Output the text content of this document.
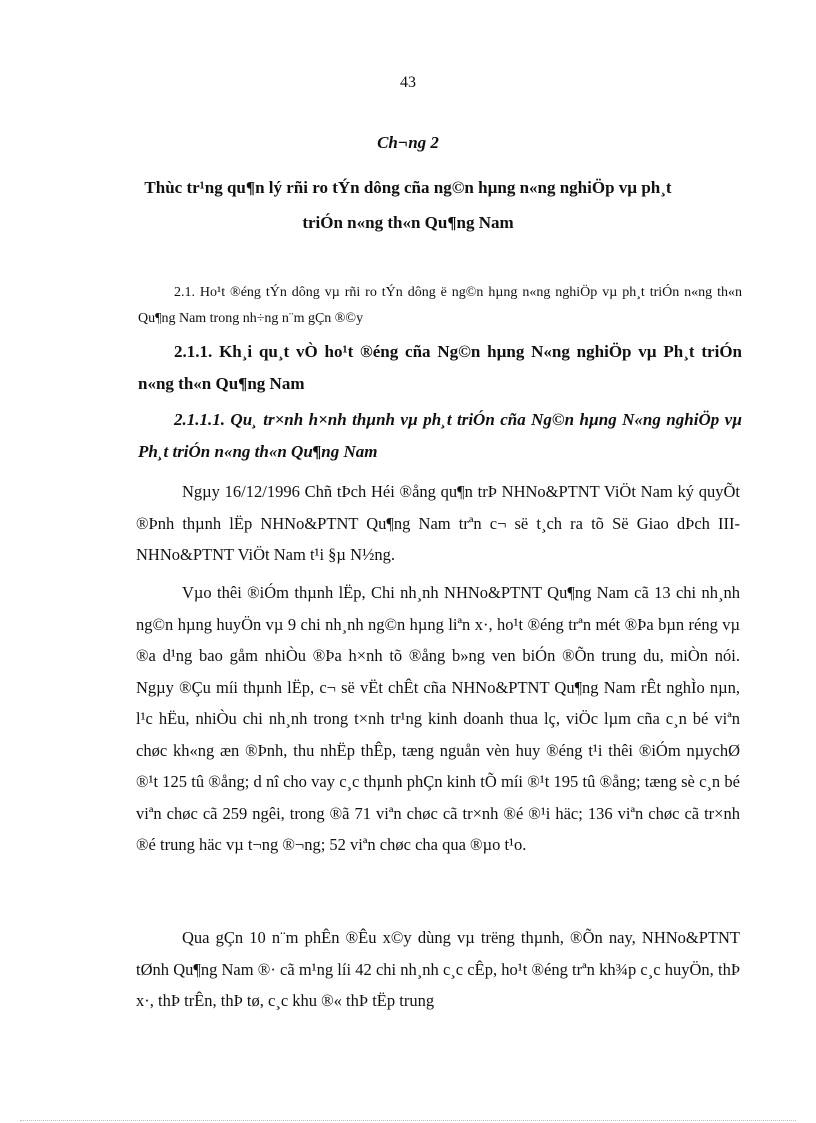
43
Ch¬ng 2
Thùc tr¹ng qu¶n lý rñi ro tÝn dông cña ng©n hµng n«ng nghiÖp vµ ph¸t triÓn n«ng th«n Qu¶ng Nam
2.1. Ho¹t ®éng tÝn dông vµ rñi ro tÝn dông ë ng©n hµng n«ng nghiÖp vµ ph¸t triÓn n«ng th«n Qu¶ng Nam trong nh÷ng n¨m gÇn ®©y
2.1.1. Kh¸i qu¸t vÒ ho¹t ®éng cña Ng©n hµng N«ng nghiÖp vµ Ph¸t triÓn n«ng th«n Qu¶ng Nam
2.1.1.1. Qu¸ tr×nh h×nh thµnh vµ ph¸t triÓn cña Ng©n hµng N«ng nghiÖp vµ Ph¸t triÓn n«ng th«n Qu¶ng Nam

Ngµy 16/12/1996 Chñ tÞch Héi ®ång qu¶n trÞ NHNo&PTNT ViÖt Nam ký quyÕt ®Þnh thµnh lËp NHNo&PTNT Qu¶ng Nam trªn c¬ së t¸ch ra tõ Së Giao dÞch III- NHNo&PTNT ViÖt Nam t¹i §µ N½ng.

Vµo thêi ®iÓm thµnh lËp, Chi nh¸nh NHNo&PTNT Qu¶ng Nam cã 13 chi nh¸nh ng©n hµng huyÖn vµ 9 chi nh¸nh ng©n hµng liªn x·, ho¹t ®éng trªn mét ®Þa bµn réng vµ ®a d¹ng bao gåm nhiÒu ®Þa h×nh tõ ®ång b»ng ven biÓn ®Õn trung du, miÒn nói. Ngµy ®Çu míi thµnh lËp, c¬ së vËt chÊt cña NHNo&PTNT Qu¶ng Nam rÊt nghÌo nµn, l¹c hËu, nhiÒu chi nh¸nh trong t×nh tr¹ng kinh doanh thua lç, viÖc lµm cña c¸n bé viªn chøc kh«ng æn ®Þnh, thu nhËp thÊp, tæng nguån vèn huy ®éng t¹i thêi ®iÓm nµychØ ®¹t 125 tû ®ång; d nî cho vay c¸c thµnh phÇn kinh tÕ míi ®¹t 195 tû ®ång; tæng sè c¸n bé viªn chøc cã 259 ngêi, trong ®ã 71 viªn chøc cã tr×nh ®é ®¹i häc; 136 viªn chøc cã tr×nh ®é trung häc vµ t¬ng ®¬ng; 52 viªn chøc cha qua ®µo t¹o.

Qua gÇn 10 n¨m phÊn ®Êu x©y dùng vµ trëng thµnh, ®Õn nay, NHNo&PTNT tØnh Qu¶ng Nam ®· cã m¹ng líi 42 chi nh¸nh c¸c cÊp, ho¹t ®éng trªn kh¾p c¸c huyÖn, thÞ x·, thÞ trÊn, thÞ tø, c¸c khu ®« thÞ tËp trung
